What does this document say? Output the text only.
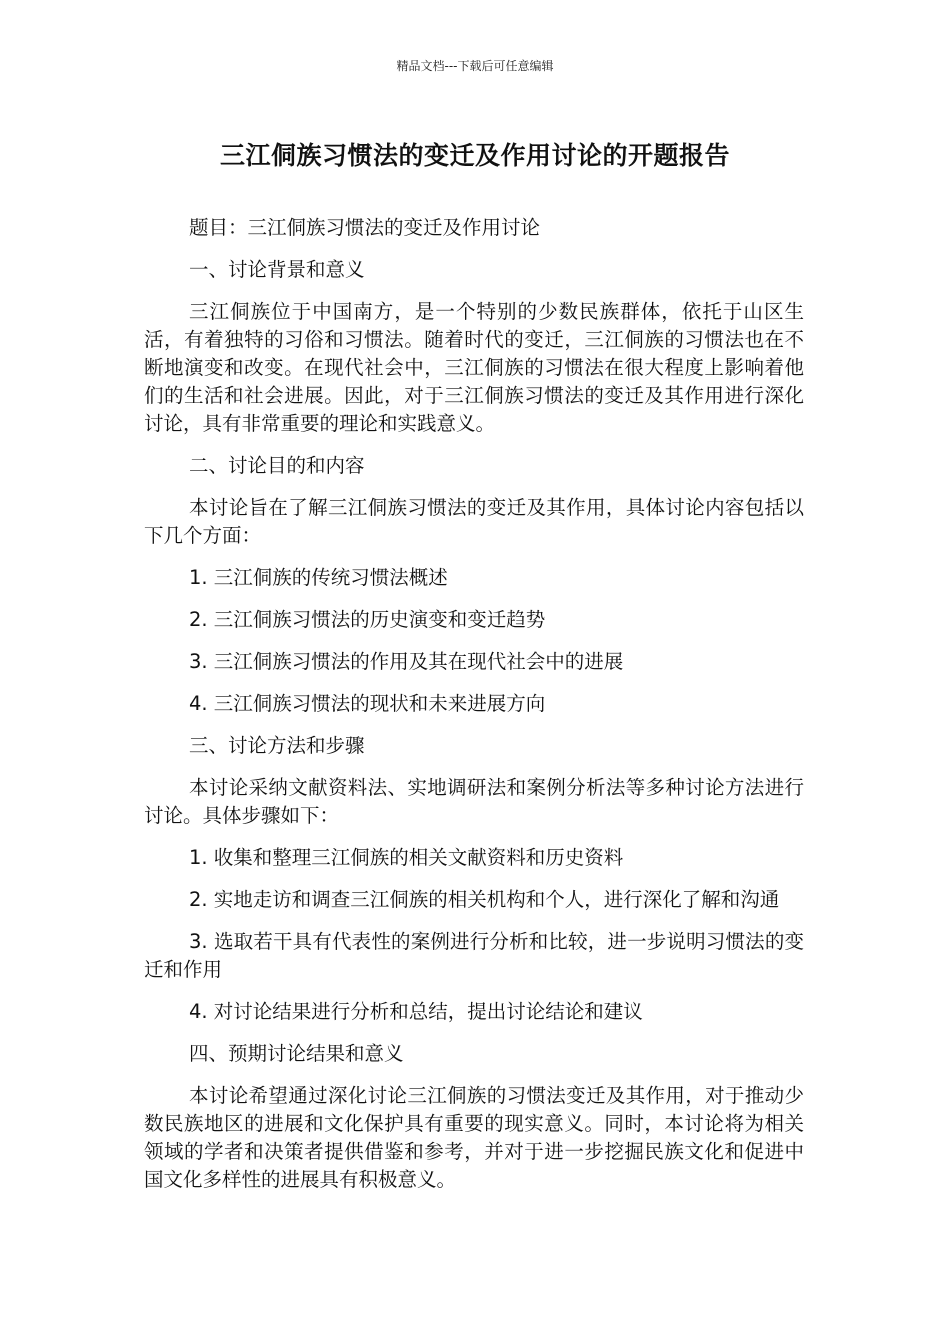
精品文档---下载后可任意编辑
三江侗族习惯法的变迁及作用讨论的开题报告

题目：三江侗族习惯法的变迁及作用讨论

一、讨论背景和意义

三江侗族位于中国南方，是一个特别的少数民族群体，依托于山区生活，有着独特的习俗和习惯法。随着时代的变迁，三江侗族的习惯法也在不断地演变和改变。在现代社会中，三江侗族的习惯法在很大程度上影响着他们的生活和社会进展。因此，对于三江侗族习惯法的变迁及其作用进行深化讨论，具有非常重要的理论和实践意义。

二、讨论目的和内容

本讨论旨在了解三江侗族习惯法的变迁及其作用，具体讨论内容包括以下几个方面：

1. 三江侗族的传统习惯法概述

2. 三江侗族习惯法的历史演变和变迁趋势

3. 三江侗族习惯法的作用及其在现代社会中的进展

4. 三江侗族习惯法的现状和未来进展方向

三、讨论方法和步骤

本讨论采纳文献资料法、实地调研法和案例分析法等多种讨论方法进行讨论。具体步骤如下：

1. 收集和整理三江侗族的相关文献资料和历史资料

2. 实地走访和调查三江侗族的相关机构和个人，进行深化了解和沟通

3. 选取若干具有代表性的案例进行分析和比较，进一步说明习惯法的变迁和作用

4. 对讨论结果进行分析和总结，提出讨论结论和建议

四、预期讨论结果和意义

本讨论希望通过深化讨论三江侗族的习惯法变迁及其作用，对于推动少数民族地区的进展和文化保护具有重要的现实意义。同时，本讨论将为相关领域的学者和决策者提供借鉴和参考，并对于进一步挖掘民族文化和促进中国文化多样性的进展具有积极意义。
